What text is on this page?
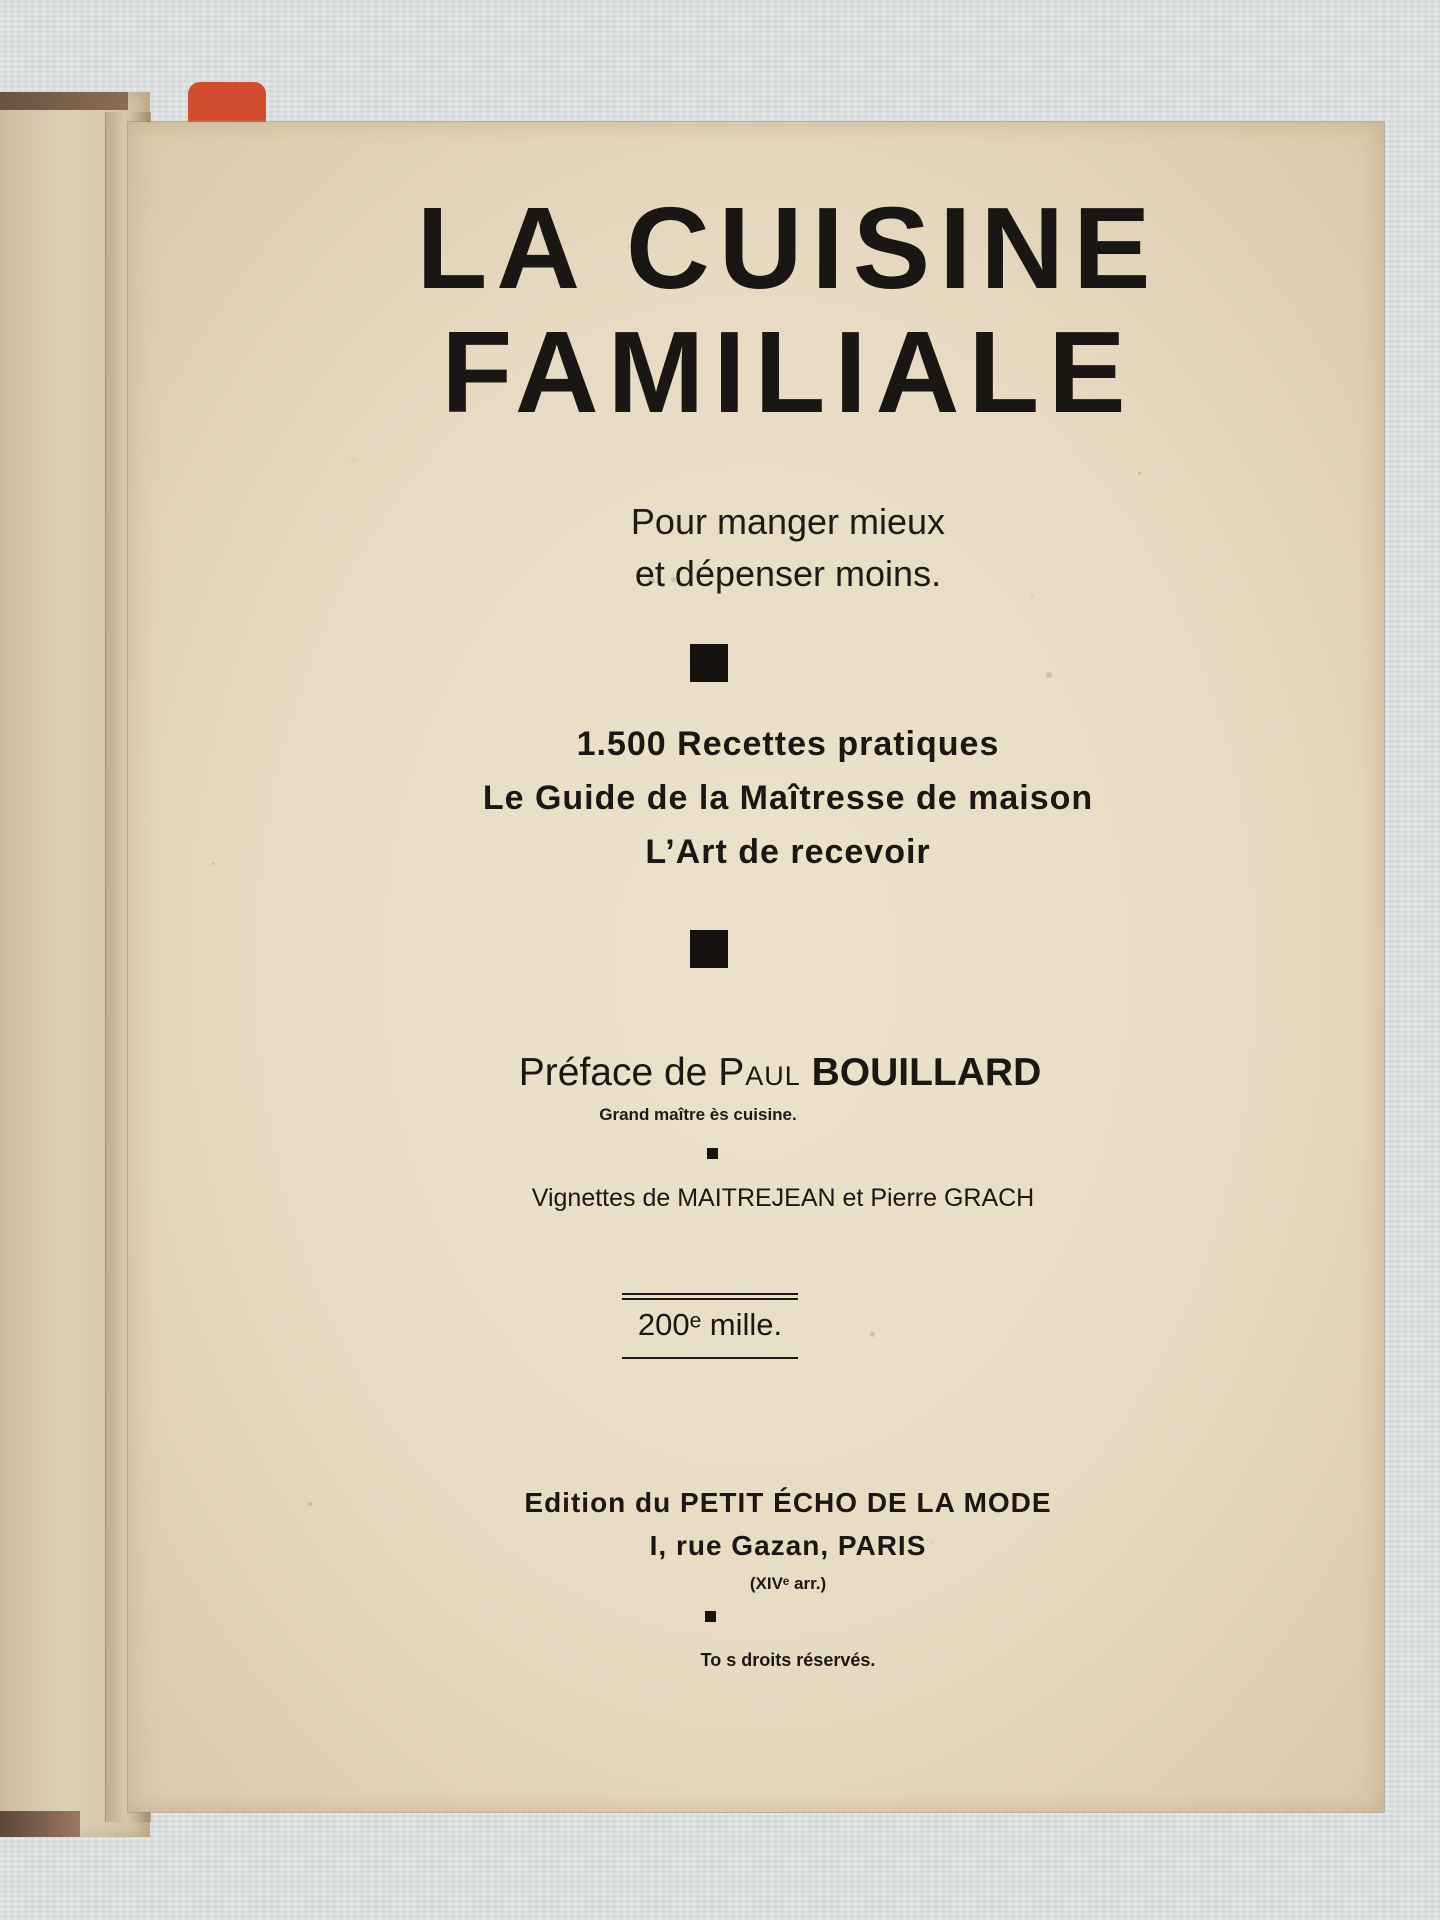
LA CUISINE
FAMILIALE
Pour manger mieux
et dépenser moins.
1.500 Recettes pratiques
Le Guide de la Maîtresse de maison
L’Art de recevoir
Préface de Paul BOUILLARD
Grand maître ès cuisine.
Vignettes de MAITREJEAN et Pierre GRACH
200ᵉ mille.
Edition du PETIT ÉCHO DE LA MODE
I, rue Gazan, PARIS
(XIVᵉ arr.)
To s droits réservés.
